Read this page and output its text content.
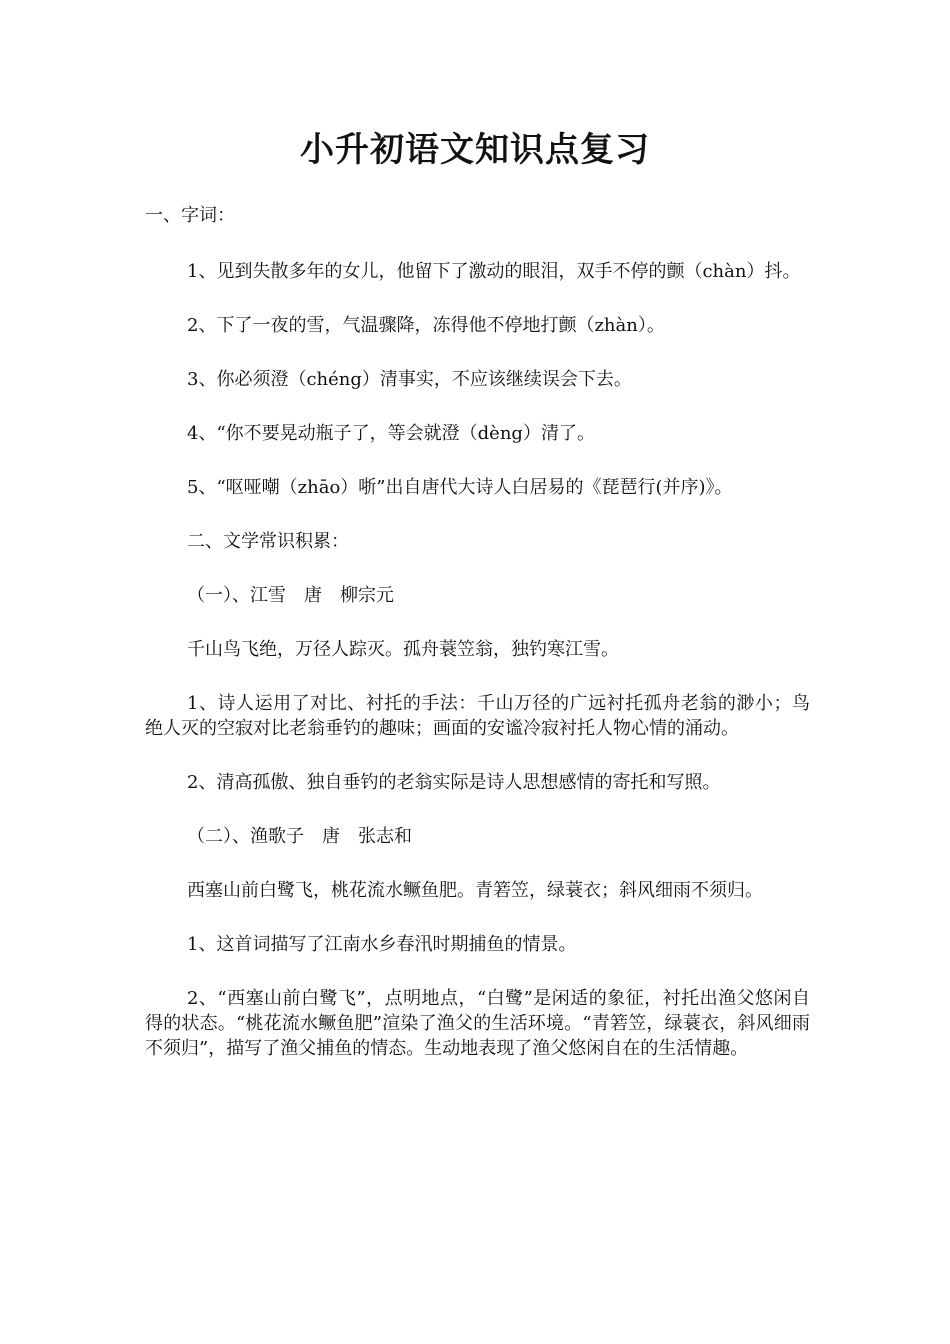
小升初语文知识点复习

一、字词：

1、见到失散多年的女儿，他留下了激动的眼泪，双手不停的颤（chàn）抖。

2、下了一夜的雪，气温骤降，冻得他不停地打颤（zhàn）。

3、你必须澄（chéng）清事实，不应该继续误会下去。

4、“你不要晃动瓶子了，等会就澄（dèng）清了。

5、“呕哑嘲（zhāo）哳”出自唐代大诗人白居易的《琵琶行(并序)》。

二、文学常识积累：

（一）、江雪　唐　柳宗元

千山鸟飞绝，万径人踪灭。孤舟蓑笠翁，独钓寒江雪。

1、诗人运用了对比、衬托的手法：千山万径的广远衬托孤舟老翁的渺小；鸟绝人灭的空寂对比老翁垂钓的趣味；画面的安谧冷寂衬托人物心情的涌动。

2、清高孤傲、独自垂钓的老翁实际是诗人思想感情的寄托和写照。

（二）、渔歌子　唐　张志和

西塞山前白鹭飞，桃花流水鳜鱼肥。青箬笠，绿蓑衣；斜风细雨不须归。

1、这首词描写了江南水乡春汛时期捕鱼的情景。

2、“西塞山前白鹭飞”，点明地点，“白鹭”是闲适的象征，衬托出渔父悠闲自得的状态。“桃花流水鳜鱼肥”渲染了渔父的生活环境。“青箬笠，绿蓑衣，斜风细雨不须归”，描写了渔父捕鱼的情态。生动地表现了渔父悠闲自在的生活情趣。
